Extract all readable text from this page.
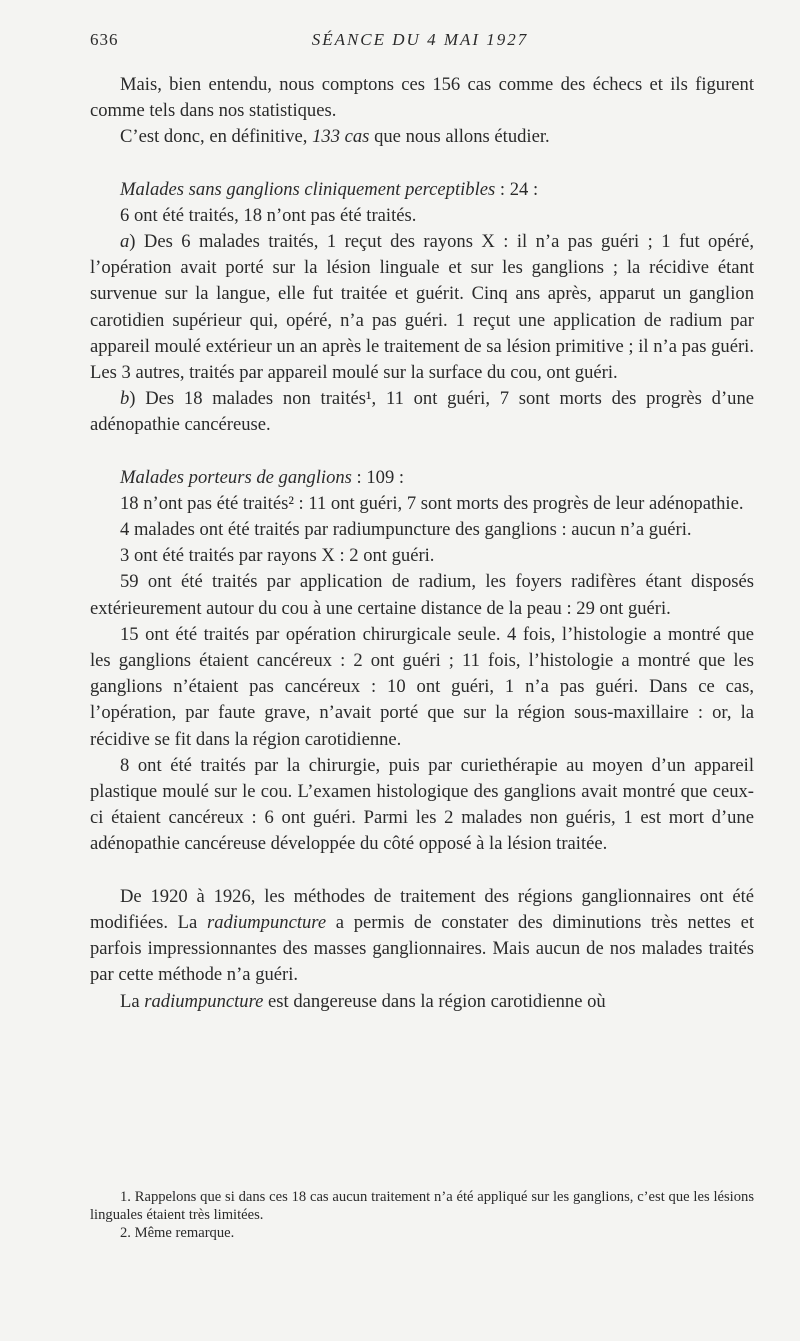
636	SÉANCE DU 4 MAI 1927

Mais, bien entendu, nous comptons ces 156 cas comme des échecs et ils figurent comme tels dans nos statistiques.

C’est donc, en définitive, 133 cas que nous allons étudier.

Malades sans ganglions cliniquement perceptibles : 24 :

6 ont été traités, 18 n’ont pas été traités.

a) Des 6 malades traités, 1 reçut des rayons X : il n’a pas guéri ; 1 fut opéré, l’opération avait porté sur la lésion linguale et sur les ganglions ; la récidive étant survenue sur la langue, elle fut traitée et guérit. Cinq ans après, apparut un ganglion carotidien supérieur qui, opéré, n’a pas guéri. 1 reçut une application de radium par appareil moulé extérieur un an après le traitement de sa lésion primitive ; il n’a pas guéri. Les 3 autres, traités par appareil moulé sur la surface du cou, ont guéri.

b) Des 18 malades non traités¹, 11 ont guéri, 7 sont morts des progrès d’une adénopathie cancéreuse.

Malades porteurs de ganglions : 109 :

18 n’ont pas été traités² : 11 ont guéri, 7 sont morts des progrès de leur adénopathie.

4 malades ont été traités par radiumpuncture des ganglions : aucun n’a guéri.

3 ont été traités par rayons X : 2 ont guéri.

59 ont été traités par application de radium, les foyers radifères étant disposés extérieurement autour du cou à une certaine distance de la peau : 29 ont guéri.

15 ont été traités par opération chirurgicale seule. 4 fois, l’histologie a montré que les ganglions étaient cancéreux : 2 ont guéri ; 11 fois, l’histologie a montré que les ganglions n’étaient pas cancéreux : 10 ont guéri, 1 n’a pas guéri. Dans ce cas, l’opération, par faute grave, n’avait porté que sur la région sous-maxillaire : or, la récidive se fit dans la région carotidienne.

8 ont été traités par la chirurgie, puis par curiethérapie au moyen d’un appareil plastique moulé sur le cou. L’examen histologique des ganglions avait montré que ceux-ci étaient cancéreux : 6 ont guéri. Parmi les 2 malades non guéris, 1 est mort d’une adénopathie cancéreuse développée du côté opposé à la lésion traitée.

De 1920 à 1926, les méthodes de traitement des régions ganglionnaires ont été modifiées. La radiumpuncture a permis de constater des diminutions très nettes et parfois impressionnantes des masses ganglionnaires. Mais aucun de nos malades traités par cette méthode n’a guéri.

La radiumpuncture est dangereuse dans la région carotidienne où

1. Rappelons que si dans ces 18 cas aucun traitement n’a été appliqué sur les ganglions, c’est que les lésions linguales étaient très limitées.

2. Même remarque.
